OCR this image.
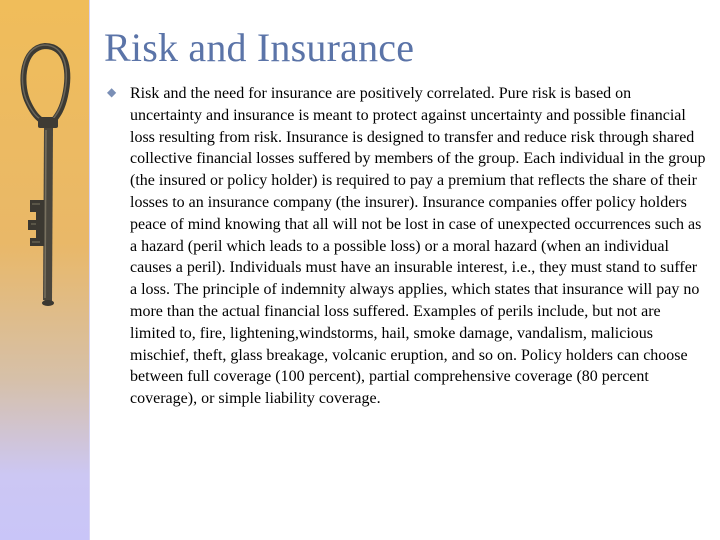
Risk and Insurance
◆ Risk and the need for insurance are positively correlated. Pure risk is based on uncertainty and insurance is meant to protect against uncertainty and possible financial loss resulting from risk. Insurance is designed to transfer and reduce risk through shared collective financial losses suffered by members of the group. Each individual in the group (the insured or policy holder) is required to pay a premium that reflects the share of their losses to an insurance company (the insurer). Insurance companies offer policy holders peace of mind knowing that all will not be lost in case of unexpected occurrences such as a hazard (peril which leads to a possible loss) or a moral hazard (when an individual causes a peril). Individuals must have an insurable interest, i.e., they must stand to suffer a loss. The principle of indemnity always applies, which states that insurance will pay no more than the actual financial loss suffered. Examples of perils include, but not are limited to, fire, lightening,windstorms, hail, smoke damage, vandalism, malicious mischief, theft, glass breakage, volcanic eruption, and so on. Policy holders can choose between full coverage (100 percent), partial comprehensive coverage (80 percent coverage), or simple liability coverage.
